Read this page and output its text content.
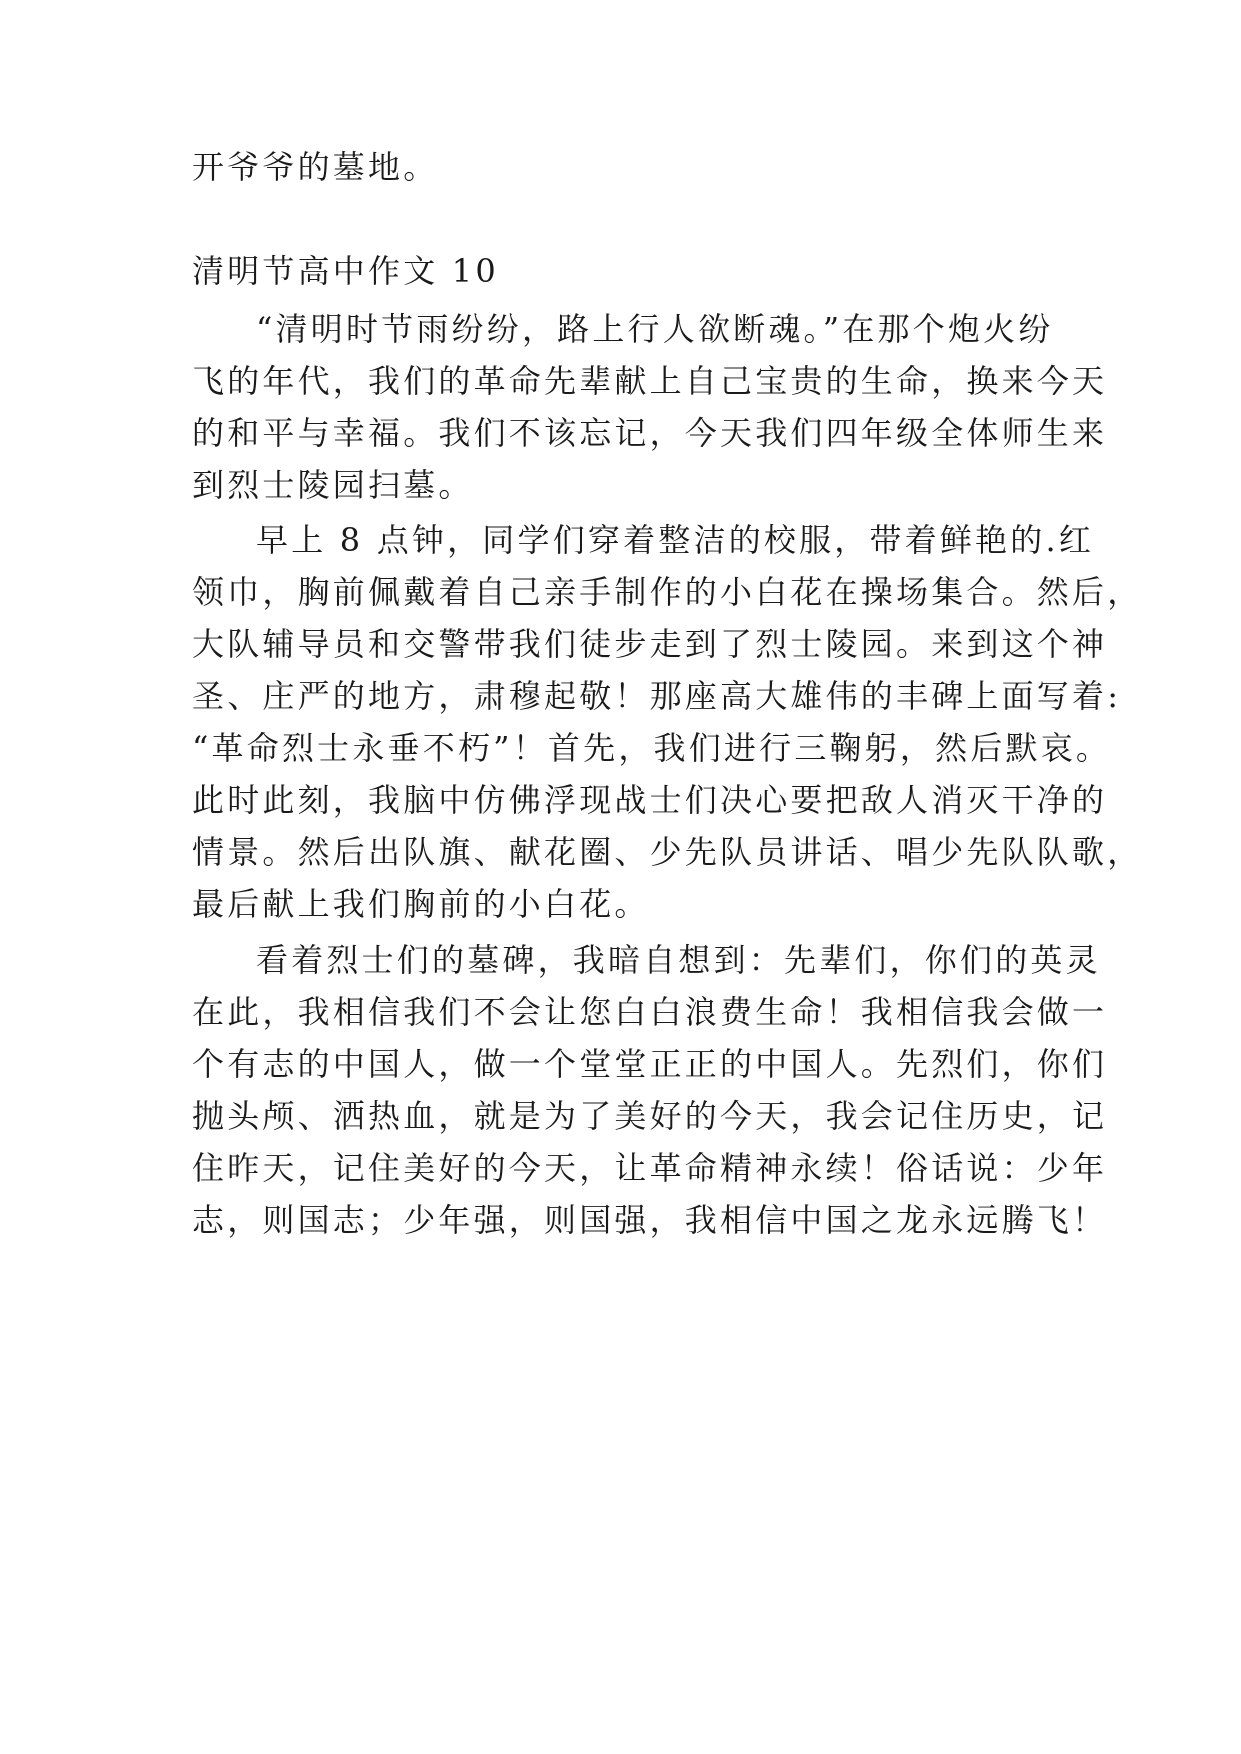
开爷爷的墓地。
清明节高中作文 10
“清明时节雨纷纷，路上行人欲断魂。”在那个炮火纷
飞的年代，我们的革命先辈献上自己宝贵的生命，换来今天
的和平与幸福。我们不该忘记，今天我们四年级全体师生来
到烈士陵园扫墓。
早上 8 点钟，同学们穿着整洁的校服，带着鲜艳的.红
领巾，胸前佩戴着自己亲手制作的小白花在操场集合。然后，
大队辅导员和交警带我们徒步走到了烈士陵园。来到这个神
圣、庄严的地方，肃穆起敬！那座高大雄伟的丰碑上面写着:
“革命烈士永垂不朽”！首先，我们进行三鞠躬，然后默哀。
此时此刻，我脑中仿佛浮现战士们决心要把敌人消灭干净的
情景。然后出队旗、献花圈、少先队员讲话、唱少先队队歌，
最后献上我们胸前的小白花。
看着烈士们的墓碑，我暗自想到：先辈们，你们的英灵
在此，我相信我们不会让您白白浪费生命！我相信我会做一
个有志的中国人，做一个堂堂正正的中国人。先烈们，你们
抛头颅、洒热血，就是为了美好的今天，我会记住历史，记
住昨天，记住美好的今天，让革命精神永续！俗话说：少年
志，则国志；少年强，则国强，我相信中国之龙永远腾飞！
